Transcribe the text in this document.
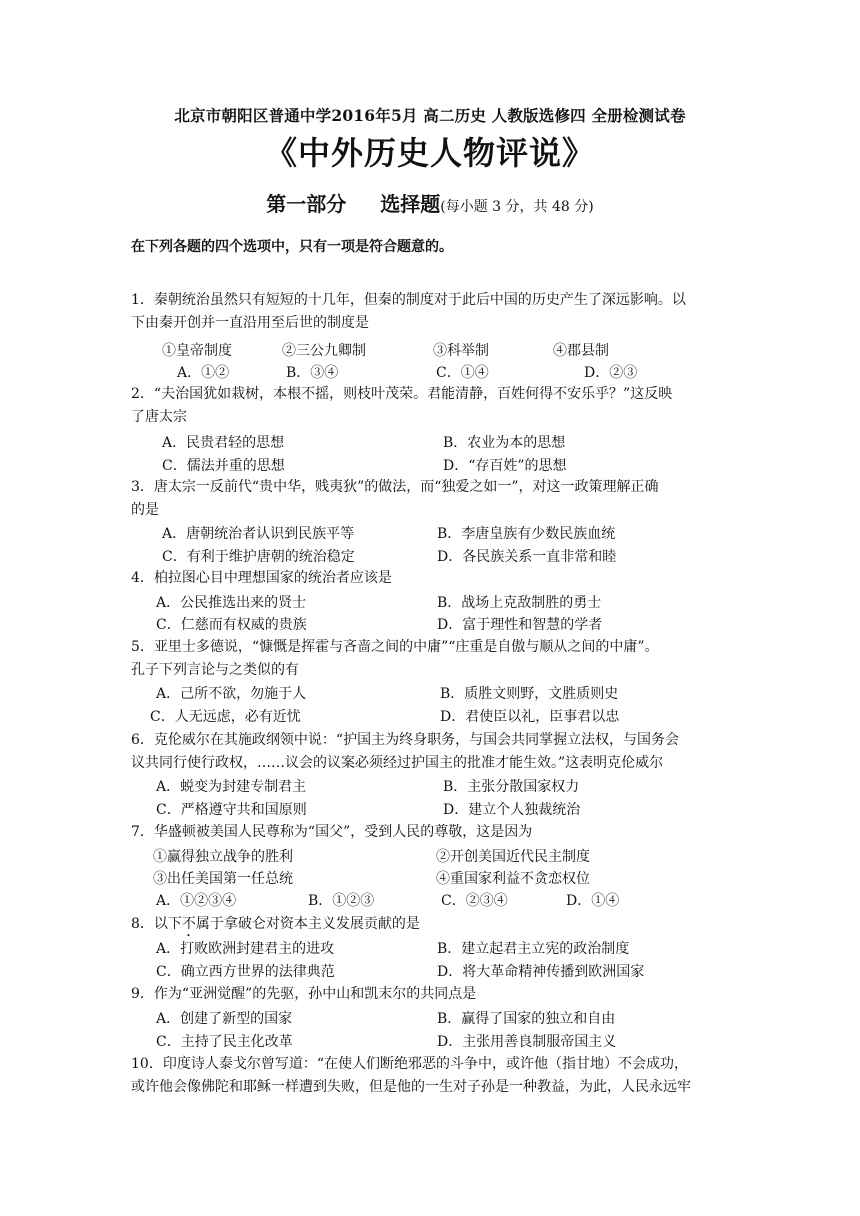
北京市朝阳区普通中学2016年5月 高二历史 人教版选修四 全册检测试卷
《中外历史人物评说》
第一部分 选择题(每小题 3 分，共 48 分)
在下列各题的四个选项中，只有一项是符合题意的。
1．秦朝统治虽然只有短短的十几年，但秦的制度对于此后中国的历史产生了深远影响。以
下由秦开创并一直沿用至后世的制度是
①皇帝制度	②三公九卿制	③科举制	④郡县制
A．①②	B．③④	C．①④	D．②③
2．“夫治国犹如栽树，本根不摇，则枝叶茂荣。君能清静，百姓何得不安乐乎？”这反映
了唐太宗
A．民贵君轻的思想	B．农业为本的思想
C．儒法并重的思想	D．“存百姓”的思想
3．唐太宗一反前代“贵中华，贱夷狄”的做法，而“独爱之如一”，对这一政策理解正确
的是
A．唐朝统治者认识到民族平等	B．李唐皇族有少数民族血统
C．有利于维护唐朝的统治稳定	D．各民族关系一直非常和睦
4．柏拉图心目中理想国家的统治者应该是
A．公民推选出来的贤士	B．战场上克敌制胜的勇士
C．仁慈而有权威的贵族	D．富于理性和智慧的学者
5．亚里士多德说，“慷慨是挥霍与吝啬之间的中庸”“庄重是自傲与顺从之间的中庸”。
孔子下列言论与之类似的有
A．己所不欲，勿施于人	B．质胜文则野，文胜质则史
C．人无远虑，必有近忧	D．君使臣以礼，臣事君以忠
6．克伦威尔在其施政纲领中说：“护国主为终身职务，与国会共同掌握立法权，与国务会
议共同行使行政权，……议会的议案必须经过护国主的批准才能生效。”这表明克伦威尔
A．蜕变为封建专制君主	B．主张分散国家权力
C．严格遵守共和国原则	D．建立个人独裁统治
7．华盛顿被美国人民尊称为“国父”，受到人民的尊敬，这是因为
①赢得独立战争的胜利	②开创美国近代民主制度
③出任美国第一任总统	④重国家利益不贪恋权位
A．①②③④	B．①②③	C．②③④	D．①④
8．以下不属于拿破仑对资本主义发展贡献的是
A．打败欧洲封建君主的进攻	B．建立起君主立宪的政治制度
C．确立西方世界的法律典范	D．将大革命精神传播到欧洲国家
9．作为“亚洲觉醒”的先驱，孙中山和凯末尔的共同点是
A．创建了新型的国家	B．赢得了国家的独立和自由
C．主持了民主化改革	D．主张用善良制服帝国主义
10．印度诗人泰戈尔曾写道：“在使人们断绝邪恶的斗争中，或许他（指甘地）不会成功，
或许他会像佛陀和耶稣一样遭到失败，但是他的一生对子孙是一种教益，为此，人民永远牢
